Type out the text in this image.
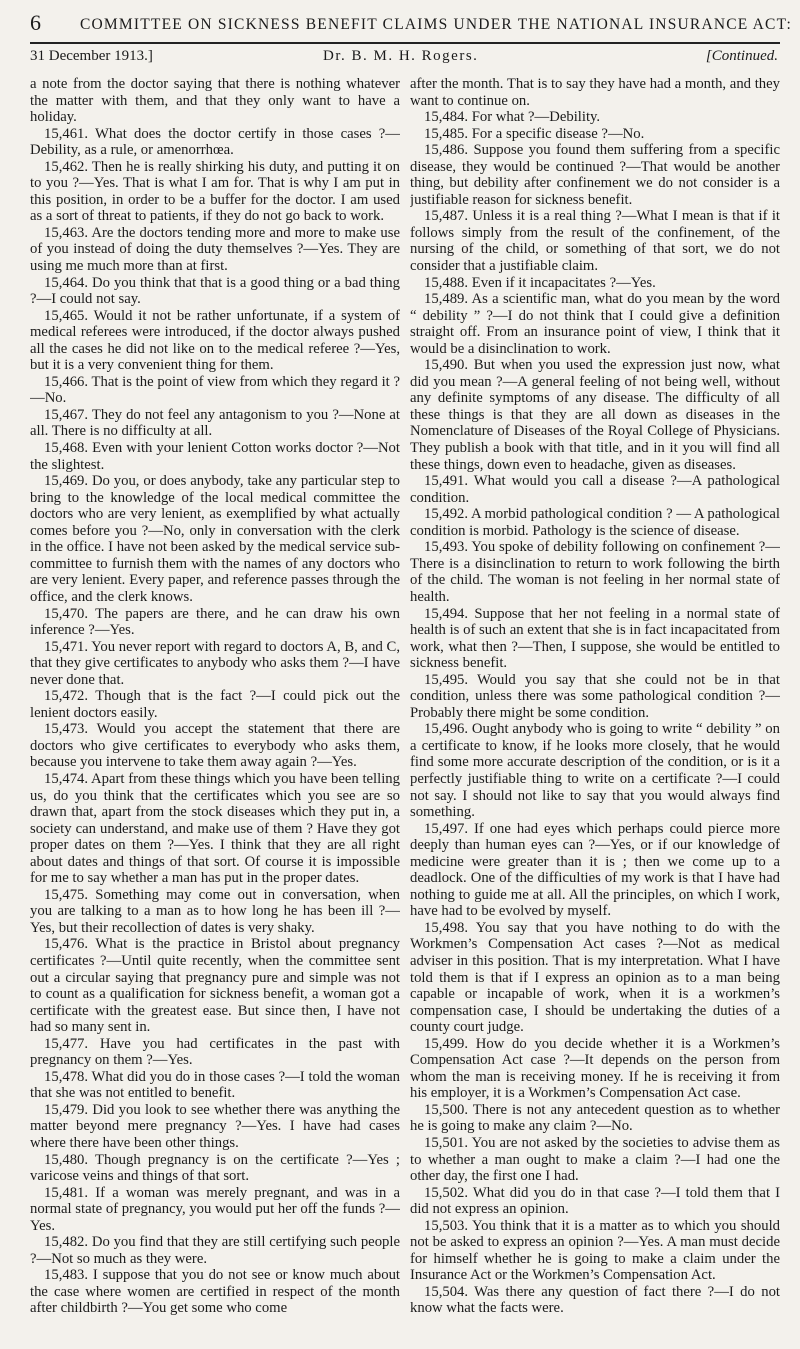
6	COMMITTEE ON SICKNESS BENEFIT CLAIMS UNDER THE NATIONAL INSURANCE ACT:
31 December 1913.]	Dr. B. M. H. Rogers.	[Continued.

a note from the doctor saying that there is nothing whatever the matter with them, and that they only want to have a holiday.

15,461. What does the doctor certify in those cases ?—Debility, as a rule, or amenorrhœa.

15,462. Then he is really shirking his duty, and putting it on to you ?—Yes. That is what I am for. That is why I am put in this position, in order to be a buffer for the doctor. I am used as a sort of threat to patients, if they do not go back to work.

15,463. Are the doctors tending more and more to make use of you instead of doing the duty themselves ?—Yes. They are using me much more than at first.

15,464. Do you think that that is a good thing or a bad thing ?—I could not say.

15,465. Would it not be rather unfortunate, if a system of medical referees were introduced, if the doctor always pushed all the cases he did not like on to the medical referee ?—Yes, but it is a very convenient thing for them.

15,466. That is the point of view from which they regard it ?—No.

15,467. They do not feel any antagonism to you ?—None at all. There is no difficulty at all.

15,468. Even with your lenient Cotton works doctor ?—Not the slightest.

15,469. Do you, or does anybody, take any particular step to bring to the knowledge of the local medical committee the doctors who are very lenient, as exemplified by what actually comes before you ?—No, only in conversation with the clerk in the office. I have not been asked by the medical service sub-committee to furnish them with the names of any doctors who are very lenient. Every paper, and reference passes through the office, and the clerk knows.

15,470. The papers are there, and he can draw his own inference ?—Yes.

15,471. You never report with regard to doctors A, B, and C, that they give certificates to anybody who asks them ?—I have never done that.

15,472. Though that is the fact ?—I could pick out the lenient doctors easily.

15,473. Would you accept the statement that there are doctors who give certificates to everybody who asks them, because you intervene to take them away again ?—Yes.

15,474. Apart from these things which you have been telling us, do you think that the certificates which you see are so drawn that, apart from the stock diseases which they put in, a society can understand, and make use of them ? Have they got proper dates on them ?—Yes. I think that they are all right about dates and things of that sort. Of course it is impossible for me to say whether a man has put in the proper dates.

15,475. Something may come out in conversation, when you are talking to a man as to how long he has been ill ?—Yes, but their recollection of dates is very shaky.

15,476. What is the practice in Bristol about pregnancy certificates ?—Until quite recently, when the committee sent out a circular saying that pregnancy pure and simple was not to count as a qualification for sickness benefit, a woman got a certificate with the greatest ease. But since then, I have not had so many sent in.

15,477. Have you had certificates in the past with pregnancy on them ?—Yes.

15,478. What did you do in those cases ?—I told the woman that she was not entitled to benefit.

15,479. Did you look to see whether there was anything the matter beyond mere pregnancy ?—Yes. I have had cases where there have been other things.

15,480. Though pregnancy is on the certificate ?—Yes ; varicose veins and things of that sort.

15,481. If a woman was merely pregnant, and was in a normal state of pregnancy, you would put her off the funds ?—Yes.

15,482. Do you find that they are still certifying such people ?—Not so much as they were.

15,483. I suppose that you do not see or know much about the case where women are certified in respect of the month after childbirth ?—You get some who come

after the month. That is to say they have had a month, and they want to continue on.

15,484. For what ?—Debility.

15,485. For a specific disease ?—No.

15,486. Suppose you found them suffering from a specific disease, they would be continued ?—That would be another thing, but debility after confinement we do not consider is a justifiable reason for sickness benefit.

15,487. Unless it is a real thing ?—What I mean is that if it follows simply from the result of the confinement, of the nursing of the child, or something of that sort, we do not consider that a justifiable claim.

15,488. Even if it incapacitates ?—Yes.

15,489. As a scientific man, what do you mean by the word “ debility ” ?—I do not think that I could give a definition straight off. From an insurance point of view, I think that it would be a disinclination to work.

15,490. But when you used the expression just now, what did you mean ?—A general feeling of not being well, without any definite symptoms of any disease. The difficulty of all these things is that they are all down as diseases in the Nomenclature of Diseases of the Royal College of Physicians. They publish a book with that title, and in it you will find all these things, down even to headache, given as diseases.

15,491. What would you call a disease ?—A pathological condition.

15,492. A morbid pathological condition ? — A pathological condition is morbid. Pathology is the science of disease.

15,493. You spoke of debility following on confinement ?—There is a disinclination to return to work following the birth of the child. The woman is not feeling in her normal state of health.

15,494. Suppose that her not feeling in a normal state of health is of such an extent that she is in fact incapacitated from work, what then ?—Then, I suppose, she would be entitled to sickness benefit.

15,495. Would you say that she could not be in that condition, unless there was some pathological condition ?—Probably there might be some condition.

15,496. Ought anybody who is going to write “ debility ” on a certificate to know, if he looks more closely, that he would find some more accurate description of the condition, or is it a perfectly justifiable thing to write on a certificate ?—I could not say. I should not like to say that you would always find something.

15,497. If one had eyes which perhaps could pierce more deeply than human eyes can ?—Yes, or if our knowledge of medicine were greater than it is ; then we come up to a deadlock. One of the difficulties of my work is that I have had nothing to guide me at all. All the principles, on which I work, have had to be evolved by myself.

15,498. You say that you have nothing to do with the Workmen’s Compensation Act cases ?—Not as medical adviser in this position. That is my interpretation. What I have told them is that if I express an opinion as to a man being capable or incapable of work, when it is a workmen’s compensation case, I should be undertaking the duties of a county court judge.

15,499. How do you decide whether it is a Workmen’s Compensation Act case ?—It depends on the person from whom the man is receiving money. If he is receiving it from his employer, it is a Workmen’s Compensation Act case.

15,500. There is not any antecedent question as to whether he is going to make any claim ?—No.

15,501. You are not asked by the societies to advise them as to whether a man ought to make a claim ?—I had one the other day, the first one I had.

15,502. What did you do in that case ?—I told them that I did not express an opinion.

15,503. You think that it is a matter as to which you should not be asked to express an opinion ?—Yes. A man must decide for himself whether he is going to make a claim under the Insurance Act or the Workmen’s Compensation Act.

15,504. Was there any question of fact there ?—I do not know what the facts were.
